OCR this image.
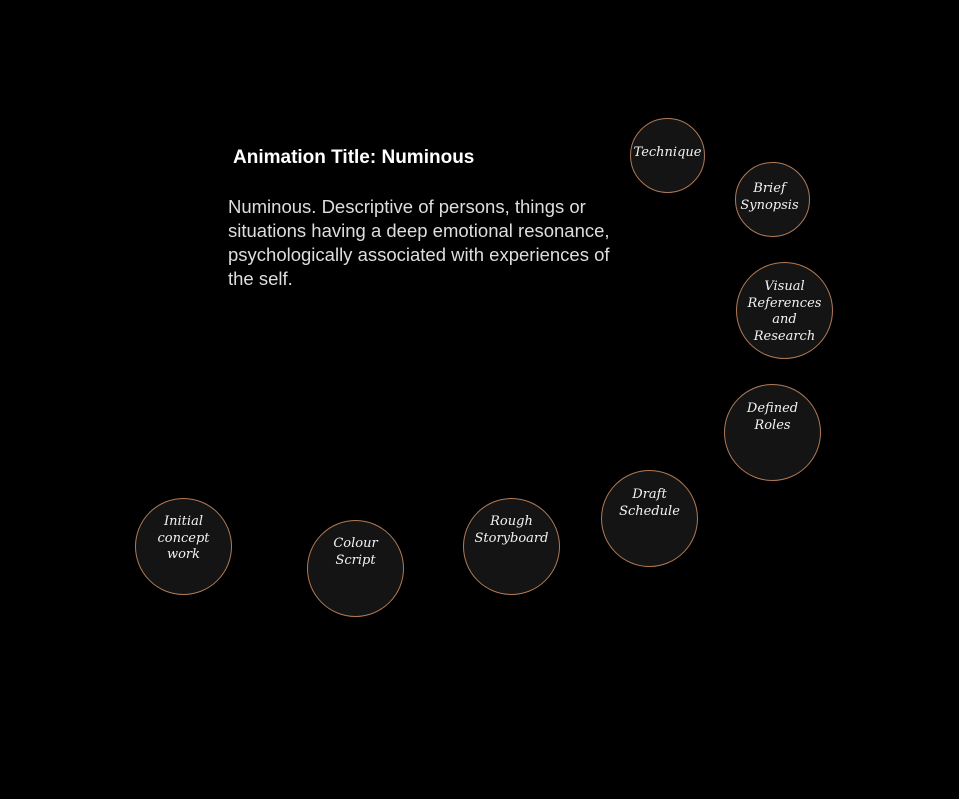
Animation Title: Numinous
Numinous. Descriptive of persons, things or situations having a deep emotional resonance, psychologically associated with experiences of the self.
Technique
Brief
Synopsis
Visual
References
and
Research
Defined
Roles
Draft
Schedule
Rough
Storyboard
Colour
Script
Initial
concept
work
